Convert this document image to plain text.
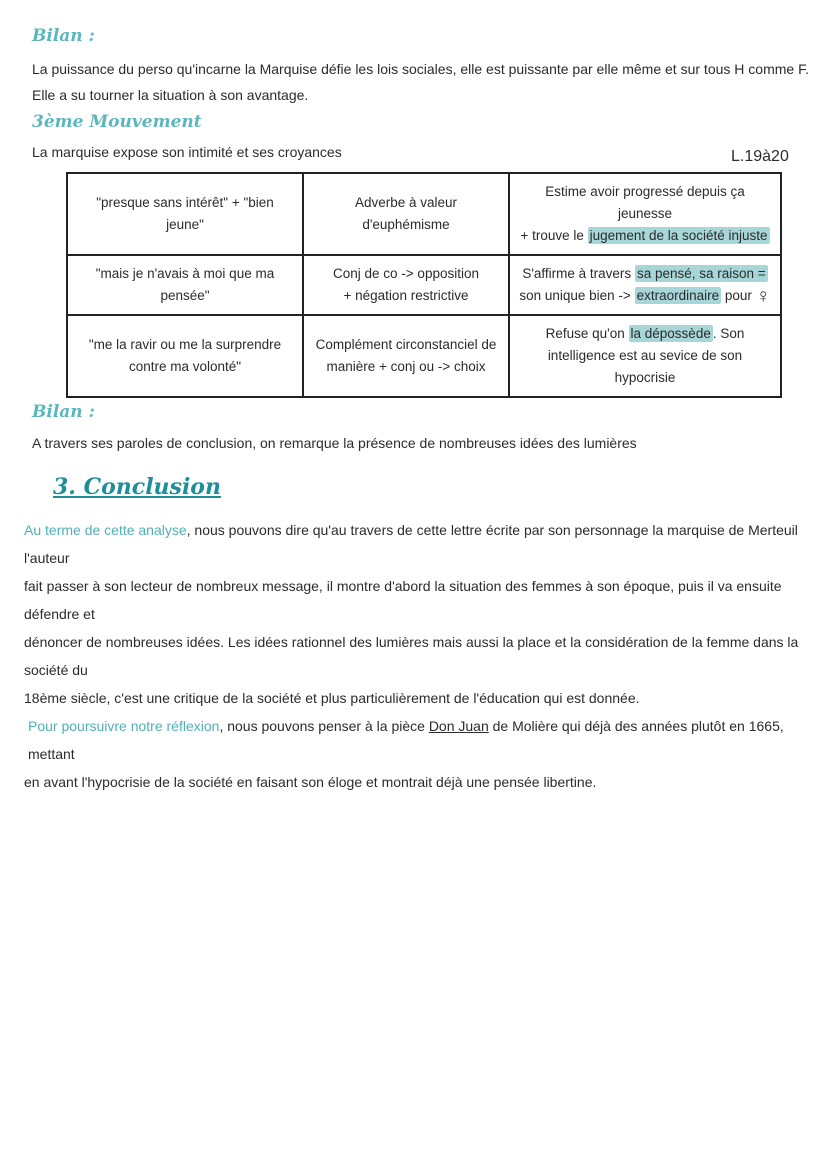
Bilan :
La puissance du perso qu'incarne la Marquise défie les lois sociales, elle est puissante par elle même et sur tous H comme F.
Elle a su tourner la situation à son avantage.
3ème Mouvement
La marquise expose son intimité et ses croyances	L.19à20
"presque sans intérêt" + "bien jeune"	Adverbe à valeur d'euphémisme	Estime avoir progressé depuis ça jeunesse
+ trouve le jugement de la société injuste
"mais je n'avais à moi que ma
pensée"	Conj de co -> opposition
+ négation restrictive	S'affirme à travers sa pensé, sa raison =
son unique bien -> extraordinaire pour ♀
"me la ravir ou me la surprendre
contre ma volonté"	Complément circonstanciel de
manière + conj ou -> choix	Refuse qu'on la dépossède . Son
intelligence est au sevice de son hypocrisie
Bilan :
A travers ses paroles de conclusion, on remarque la présence de nombreuses idées des lumières
3. Conclusion
Au terme de cette analyse, nous pouvons dire qu'au travers de cette lettre écrite par son personnage la marquise de Merteuil l'auteur
fait passer à son lecteur de nombreux message, il montre d'abord la situation des femmes à son époque, puis il va ensuite défendre et
dénoncer de nombreuses idées. Les idées rationnel des lumières mais aussi la place et la considération de la femme dans la société du
18ème siècle, c'est une critique de la société et plus particulièrement de l'éducation qui est donnée.
Pour poursuivre notre réflexion, nous pouvons penser à la pièce Don Juan de Molière qui déjà des années plutôt en 1665, mettant
en avant l'hypocrisie de la société en faisant son éloge et montrait déjà une pensée libertine.
